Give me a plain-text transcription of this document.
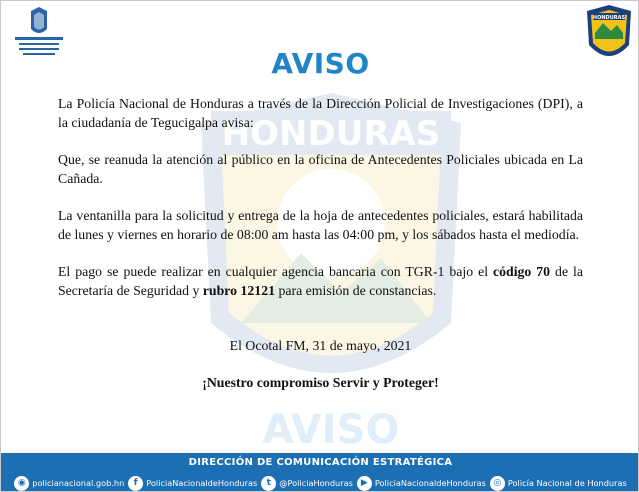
HONDURAS
AVISO
HONDURAS
AVISO

La Policía Nacional de Honduras a través de la Dirección Policial de Investigaciones (DPI), a la ciudadanía de Tegucigalpa avisa:

Que, se reanuda la atención al público en la oficina de Antecedentes Policiales ubicada en La Cañada.

La ventanilla para la solicitud y entrega de la hoja de antecedentes policiales, estará habilitada de lunes y viernes en horario de 08:00 am hasta las 04:00 pm, y los sábados hasta el mediodía.

El pago se puede realizar en cualquier agencia bancaria con TGR-1 bajo el código 70 de la Secretaría de Seguridad y rubro 12121 para emisión de constancias.

El Ocotal FM, 31 de mayo, 2021

¡Nuestro compromiso Servir y Proteger!

DIRECCIÓN DE COMUNICACIÓN ESTRATÉGICA
◉ policianacional.gob.hn	f	PoliciaNacionaldeHonduras	t	@PoliciaHonduras ▶ PoliciaNacionaldeHonduras ◎ Policía Nacional de Honduras
